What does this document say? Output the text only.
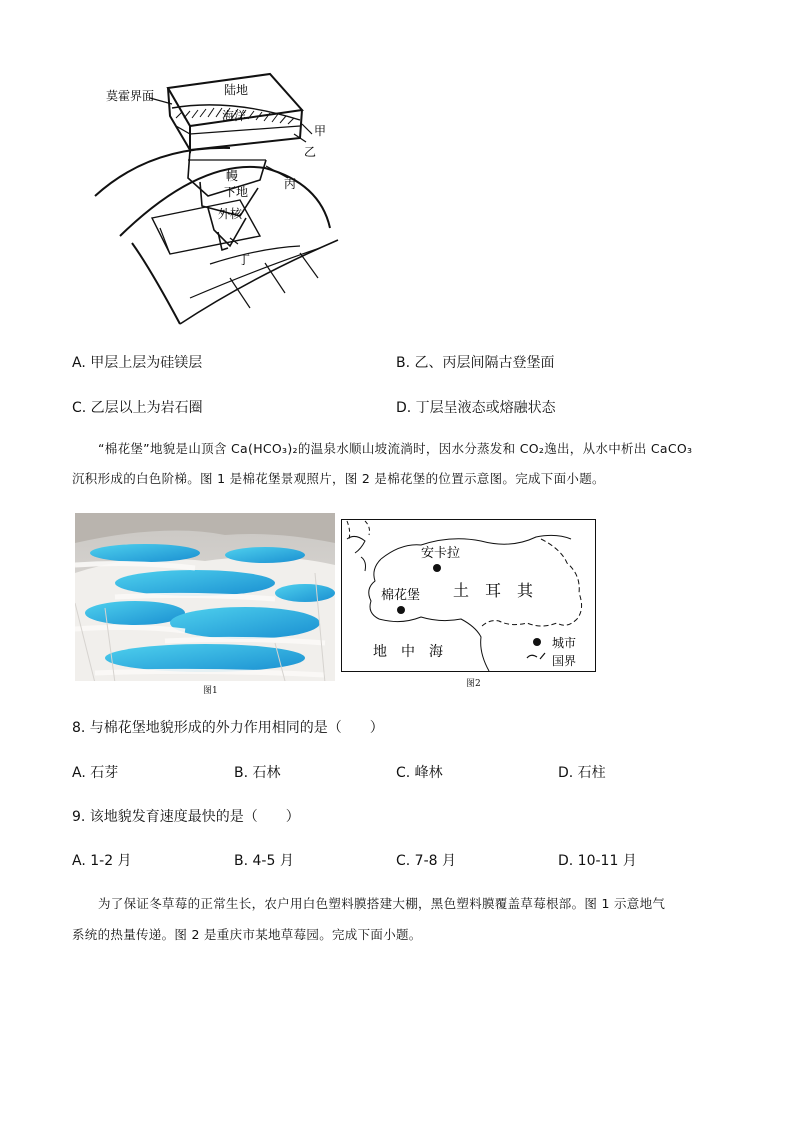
莫霍界面	陆地
海洋
甲
乙
丙
幔
下地
外核
丁
A. 甲层上层为硅镁层	B. 乙、丙层间隔古登堡面
C. 乙层以上为岩石圈	D. 丁层呈液态或熔融状态
“棉花堡”地貌是山顶含 Ca(HCO₃)₂的温泉水顺山坡流淌时，因水分蒸发和 CO₂逸出，从水中析出 CaCO₃
沉积形成的白色阶梯。图 1 是棉花堡景观照片，图 2 是棉花堡的位置示意图。完成下面小题。
图1
安卡拉
棉花堡 土　耳　其
地　中　海
城市
国界
图2
8. 与棉花堡地貌形成的外力作用相同的是（　　）
A. 石芽	B. 石林	C. 峰林	D. 石柱
9. 该地貌发育速度最快的是（　　）
A. 1-2 月	B. 4-5 月	C. 7-8 月	D. 10-11 月
为了保证冬草莓的正常生长，农户用白色塑料膜搭建大棚，黑色塑料膜覆盖草莓根部。图 1 示意地气
系统的热量传递。图 2 是重庆市某地草莓园。完成下面小题。
